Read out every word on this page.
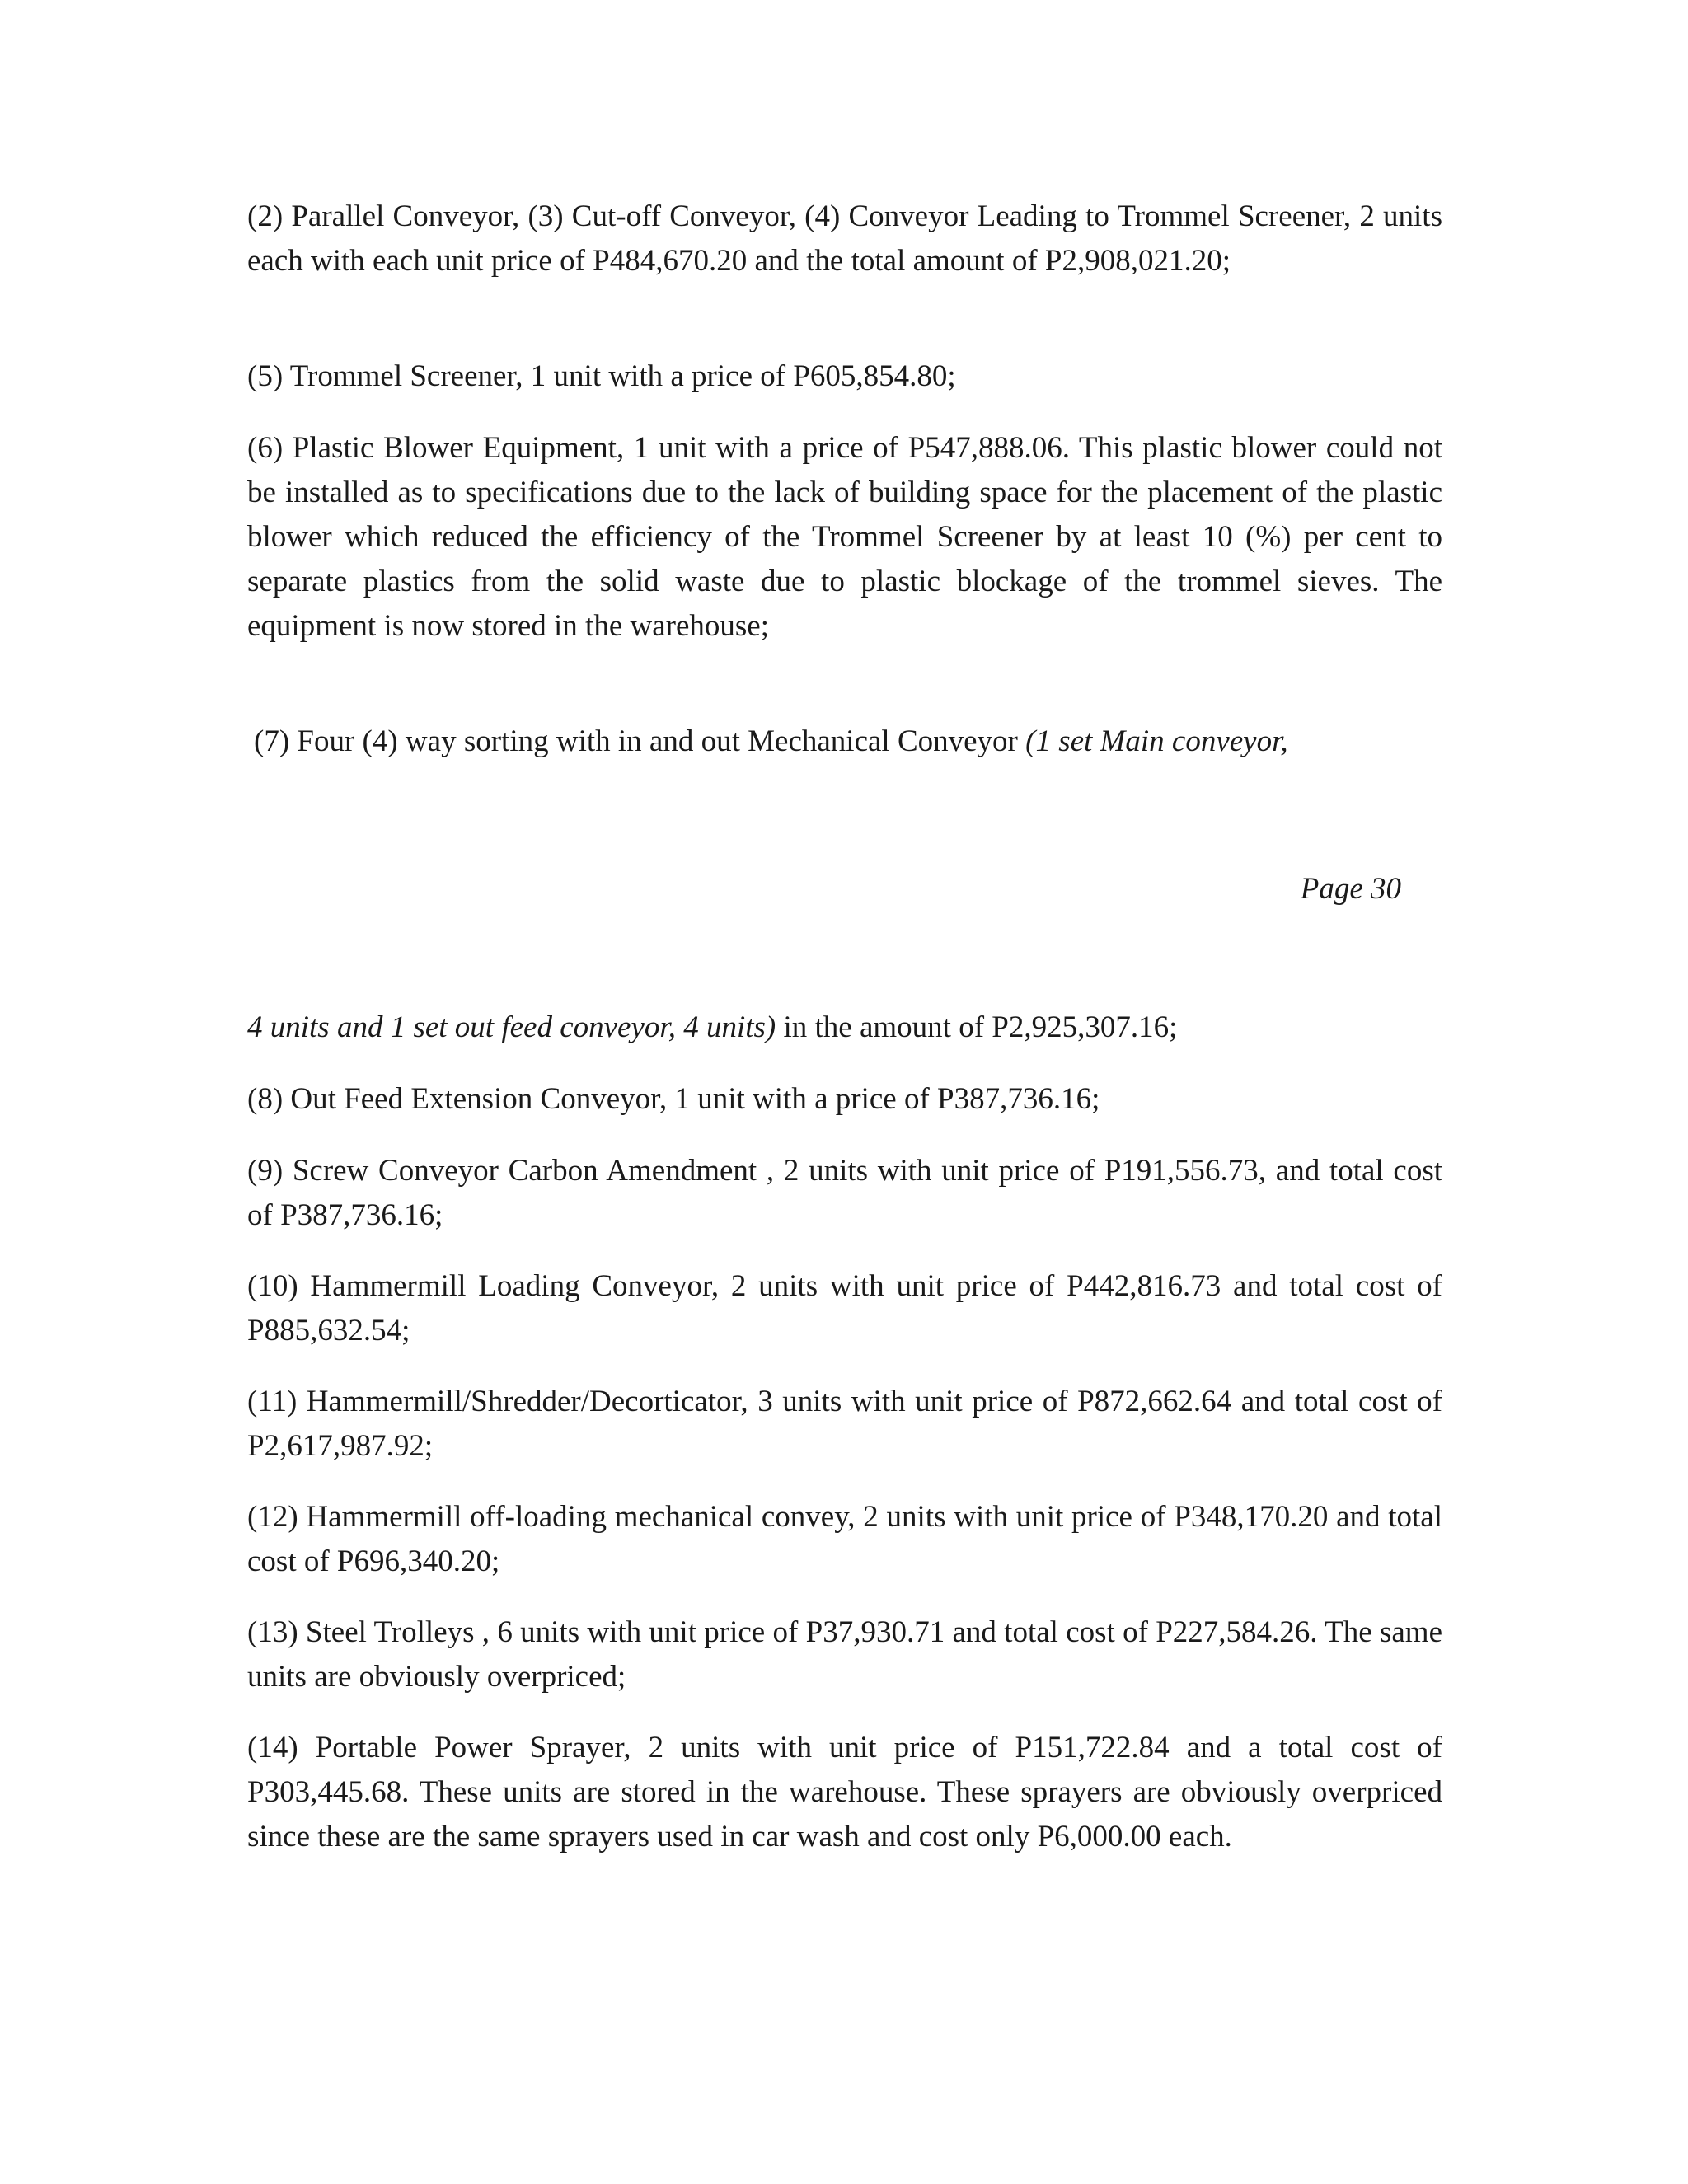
(2) Parallel Conveyor, (3) Cut-off Conveyor, (4) Conveyor Leading to Trommel Screener, 2 units each with each unit price of P484,670.20 and the total amount of P2,908,021.20;

(5) Trommel Screener, 1 unit with a price of P605,854.80;

(6) Plastic Blower Equipment, 1 unit with a price of P547,888.06. This plastic blower could not be installed as to specifications due to the lack of building space for the placement of the plastic blower which reduced the efficiency of the Trommel Screener by at least 10 (%) per cent to separate plastics from the solid waste due to plastic blockage of the trommel sieves. The equipment is now stored in the warehouse;

(7) Four (4) way sorting with in and out Mechanical Conveyor (1 set Main conveyor,

Page 30

4 units and 1 set out feed conveyor, 4 units) in the amount of P2,925,307.16;

(8) Out Feed Extension Conveyor, 1 unit with a price of P387,736.16;

(9) Screw Conveyor Carbon Amendment , 2 units with unit price of P191,556.73, and total cost of P387,736.16;

(10) Hammermill Loading Conveyor, 2 units with unit price of P442,816.73 and total cost of P885,632.54;

(11) Hammermill/Shredder/Decorticator, 3 units with unit price of P872,662.64 and total cost of P2,617,987.92;

(12) Hammermill off-loading mechanical convey, 2 units with unit price of P348,170.20 and total cost of P696,340.20;

(13) Steel Trolleys , 6 units with unit price of P37,930.71 and total cost of P227,584.26. The same units are obviously overpriced;

(14) Portable Power Sprayer, 2 units with unit price of P151,722.84 and a total cost of P303,445.68. These units are stored in the warehouse. These sprayers are obviously overpriced since these are the same sprayers used in car wash and cost only P6,000.00 each.
